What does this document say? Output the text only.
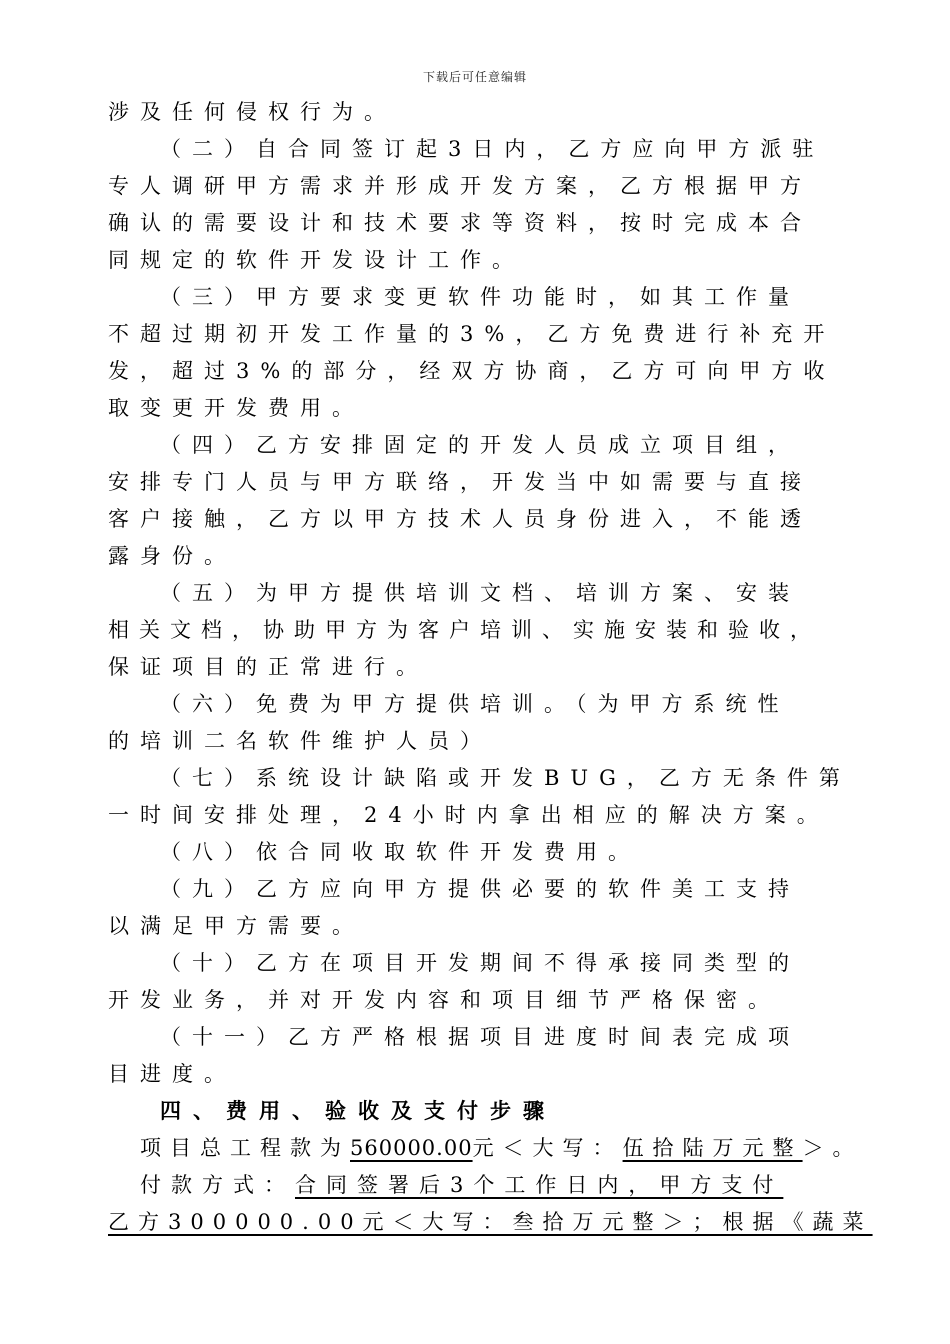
下载后可任意编辑
涉及任何侵权行为。
（二）自合同签订起3日内，乙方应向甲方派驻
专人调研甲方需求并形成开发方案，乙方根据甲方
确认的需要设计和技术要求等资料，按时完成本合
同规定的软件开发设计工作。
（三）甲方要求变更软件功能时，如其工作量
不超过期初开发工作量的3%，乙方免费进行补充开
发，超过3%的部分，经双方协商，乙方可向甲方收
取变更开发费用。
（四）乙方安排固定的开发人员成立项目组，
安排专门人员与甲方联络，开发当中如需要与直接
客户接触，乙方以甲方技术人员身份进入，不能透
露身份。
（五）为甲方提供培训文档、培训方案、安装
相关文档，协助甲方为客户培训、实施安装和验收，
保证项目的正常进行。
（六）免费为甲方提供培训。（为甲方系统性
的培训二名软件维护人员）
（七）系统设计缺陷或开发BUG，乙方无条件第
一时间安排处理，24小时内拿出相应的解决方案。
（八）依合同收取软件开发费用。
（九）乙方应向甲方提供必要的软件美工支持
以满足甲方需要。
（十）乙方在项目开发期间不得承接同类型的
开发业务，并对开发内容和项目细节严格保密。
（十一）乙方严格根据项目进度时间表完成项
目进度。
四、费用、验收及支付步骤
项目总工程款为560000.00元＜大写：伍拾陆万元整＞。
付款方式：合同签署后3个工作日内，甲方支付
乙方300000.00元＜大写：叁拾万元整＞；根据《蔬菜
